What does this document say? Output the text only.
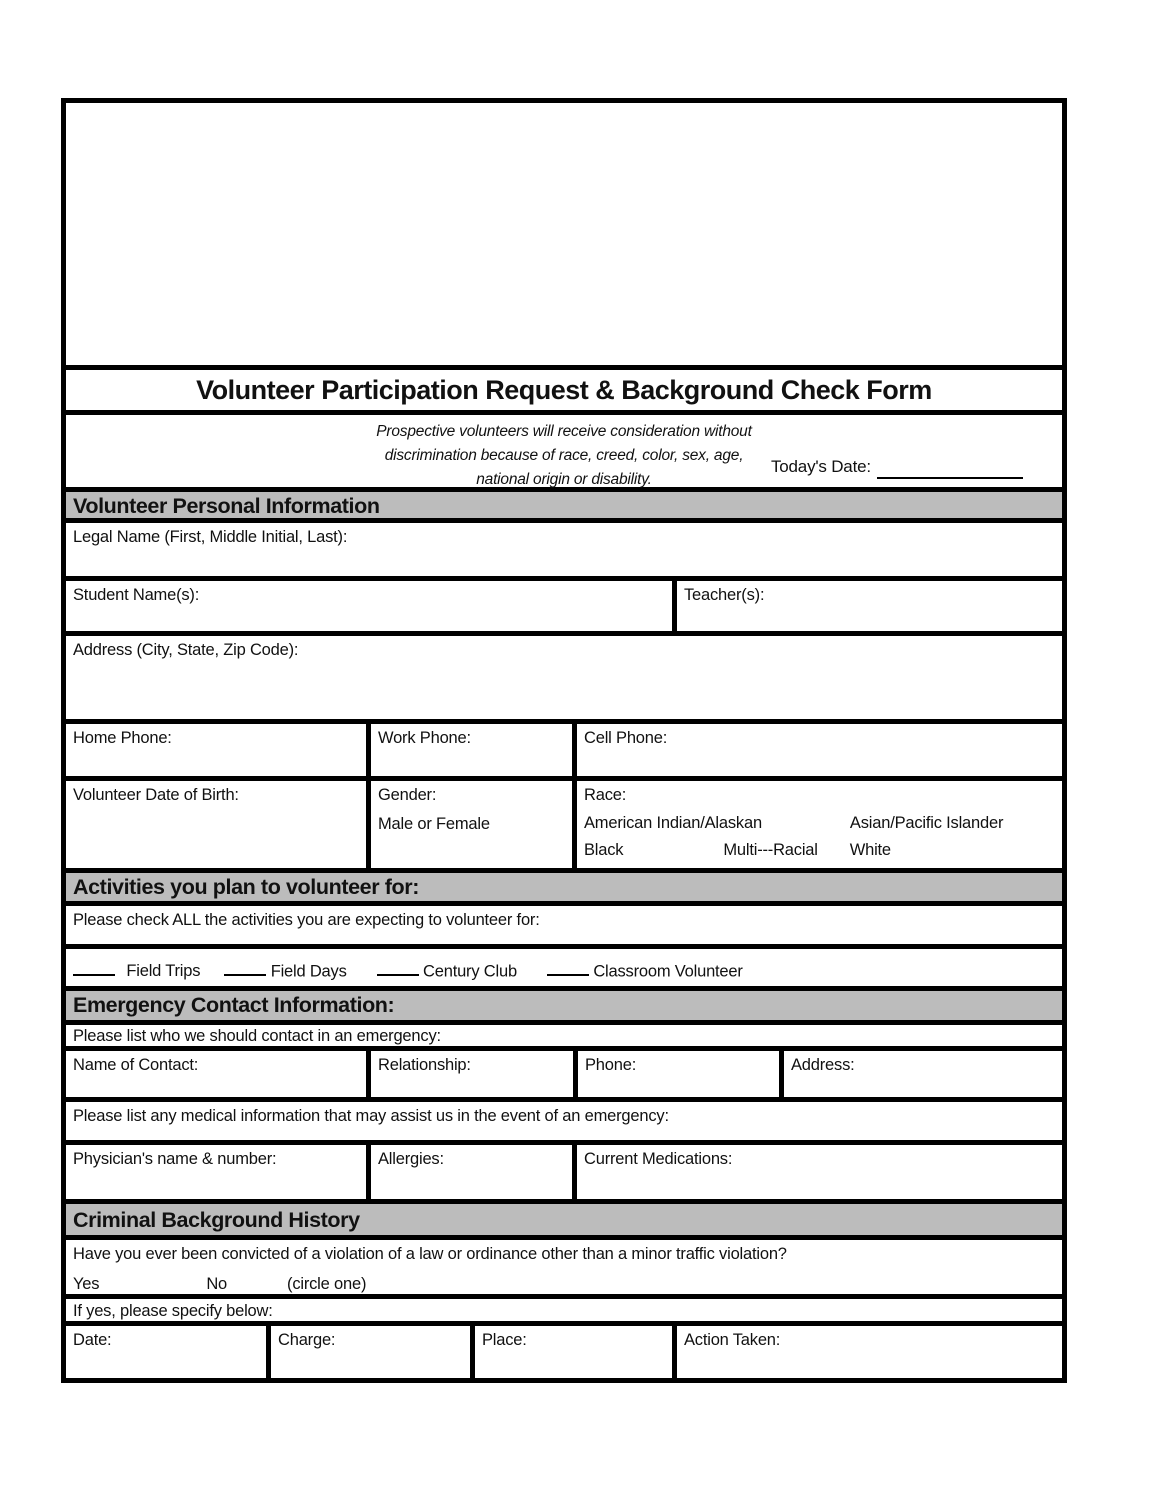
Volunteer Participation Request & Background Check Form
Prospective volunteers will receive consideration without
discrimination because of race, creed, color, sex, age,
national origin or disability.
Today's Date:
Volunteer Personal Information
Legal Name (First, Middle Initial, Last):
Student Name(s):	Teacher(s):
Address (City, State, Zip Code):
Home Phone:	Work Phone:	Cell Phone:
Volunteer Date of Birth:	Gender:
Male or Female
Race:
American Indian/Alaskan	Asian/Pacific Islander
Black	Multi---Racial White
Activities you plan to volunteer for:
Please check ALL the activities you are expecting to volunteer for:
Field Trips	Field Days	Century Club	Classroom Volunteer
Emergency Contact Information:
Please list who we should contact in an emergency:
Name of Contact:	Relationship:	Phone:	Address:
Please list any medical information that may assist us in the event of an emergency:
Physician's name & number:	Allergies:	Current Medications:
Criminal Background History
Have you ever been convicted of a violation of a law or ordinance other than a minor traffic violation?
Yes	No	(circle one)
If yes, please specify below:
Date:	Charge:	Place:	Action Taken:
